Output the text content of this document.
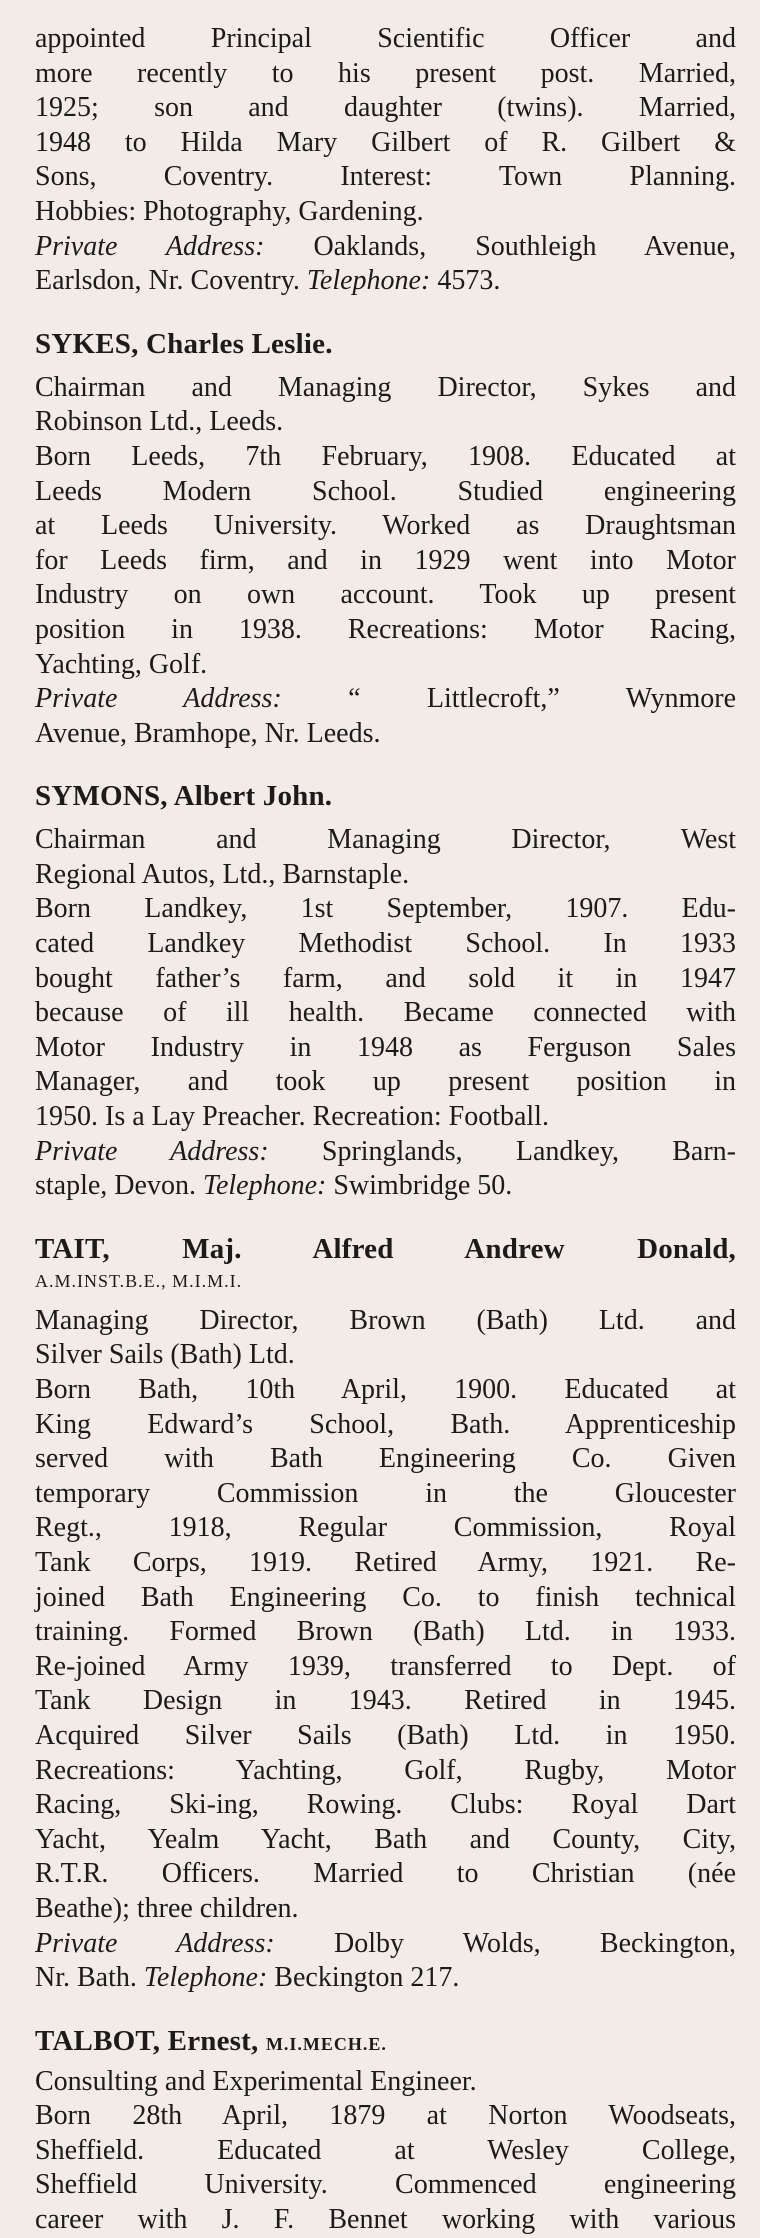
appointed Principal Scientific Officer and

more recently to his present post. Married,

1925; son and daughter (twins). Married,

1948 to Hilda Mary Gilbert of R. Gilbert &

Sons, Coventry. Interest: Town Planning.

Hobbies: Photography, Gardening.

Private Address: Oaklands, Southleigh Avenue,

Earlsdon, Nr. Coventry. Telephone: 4573.

SYKES, Charles Leslie.

Chairman and Managing Director, Sykes and

Robinson Ltd., Leeds.

Born Leeds, 7th February, 1908. Educated at

Leeds Modern School. Studied engineering

at Leeds University. Worked as Draughtsman

for Leeds firm, and in 1929 went into Motor

Industry on own account. Took up present

position in 1938. Recreations: Motor Racing,

Yachting, Golf.

Private Address: “ Littlecroft,” Wynmore

Avenue, Bramhope, Nr. Leeds.

SYMONS, Albert John.

Chairman and Managing Director, West

Regional Autos, Ltd., Barnstaple.

Born Landkey, 1st September, 1907. Edu-

cated Landkey Methodist School. In 1933

bought father’s farm, and sold it in 1947

because of ill health. Became connected with

Motor Industry in 1948 as Ferguson Sales

Manager, and took up present position in

1950. Is a Lay Preacher. Recreation: Football.

Private Address: Springlands, Landkey, Barn-

staple, Devon. Telephone: Swimbridge 50.

TAIT, Maj. Alfred Andrew Donald,
A.M.INST.B.E., M.I.M.I.

Managing Director, Brown (Bath) Ltd. and

Silver Sails (Bath) Ltd.

Born Bath, 10th April, 1900. Educated at

King Edward’s School, Bath. Apprenticeship

served with Bath Engineering Co. Given

temporary Commission in the Gloucester

Regt., 1918, Regular Commission, Royal

Tank Corps, 1919. Retired Army, 1921. Re-

joined Bath Engineering Co. to finish technical

training. Formed Brown (Bath) Ltd. in 1933.

Re-joined Army 1939, transferred to Dept. of

Tank Design in 1943. Retired in 1945.

Acquired Silver Sails (Bath) Ltd. in 1950.

Recreations: Yachting, Golf, Rugby, Motor

Racing, Ski-ing, Rowing. Clubs: Royal Dart

Yacht, Yealm Yacht, Bath and County, City,

R.T.R. Officers. Married to Christian (née

Beathe); three children.

Private Address: Dolby Wolds, Beckington,

Nr. Bath. Telephone: Beckington 217.

TALBOT, Ernest, M.I.MECH.E.

Consulting and Experimental Engineer.

Born 28th April, 1879 at Norton Woodseats,

Sheffield. Educated at Wesley College,

Sheffield University. Commenced engineering

career with J. F. Bennet working with various
